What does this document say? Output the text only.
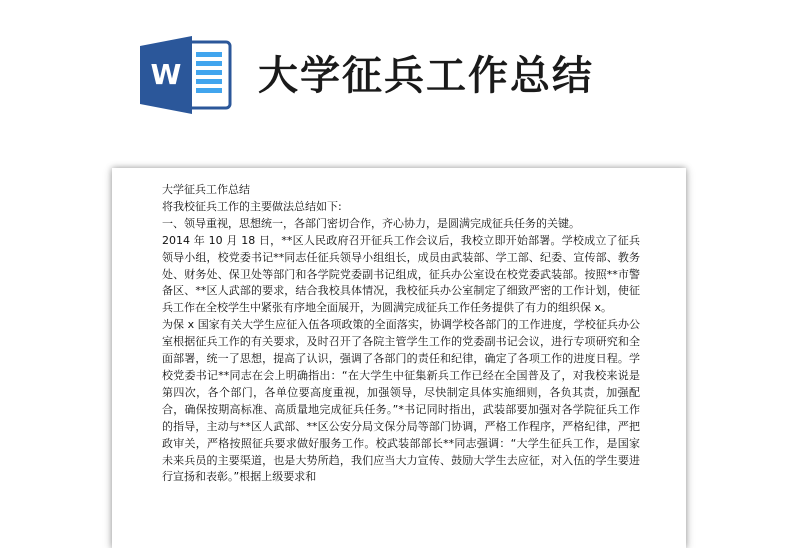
W 大学征兵工作总结

大学征兵工作总结

将我校征兵工作的主要做法总结如下:

一、领导重视，思想统一，各部门密切合作，齐心协力，是圆满完成征兵任务的关键。

2014 年 10 月 18 日，**区人民政府召开征兵工作会议后，我校立即开始部署。学校成立了征兵领导小组，校党委书记**同志任征兵领导小组组长，成员由武装部、学工部、纪委、宣传部、教务处、财务处、保卫处等部门和各学院党委副书记组成，征兵办公室设在校党委武装部。按照**市警备区、**区人武部的要求，结合我校具体情况，我校征兵办公室制定了细致严密的工作计划，使征兵工作在全校学生中紧张有序地全面展开，为圆满完成征兵工作任务提供了有力的组织保 x。

为保 x 国家有关大学生应征入伍各项政策的全面落实，协调学校各部门的工作进度，学校征兵办公室根据征兵工作的有关要求，及时召开了各院主管学生工作的党委副书记会议，进行专项研究和全面部署，统一了思想，提高了认识，强调了各部门的责任和纪律，确定了各项工作的进度日程。学校党委书记**同志在会上明确指出：“在大学生中征集新兵工作已经在全国普及了，对我校来说是第四次，各个部门，各单位要高度重视，加强领导，尽快制定具体实施细则，各负其责，加强配合，确保按期高标准、高质量地完成征兵任务。”*书记同时指出，武装部要加强对各学院征兵工作的指导，主动与**区人武部、**区公安分局文保分局等部门协调，严格工作程序，严格纪律，严把政审关，严格按照征兵要求做好服务工作。校武装部部长**同志强调：“大学生征兵工作，是国家未来兵员的主要渠道，也是大势所趋，我们应当大力宣传、鼓励大学生去应征，对入伍的学生要进行宣扬和表彰。”根据上级要求和
